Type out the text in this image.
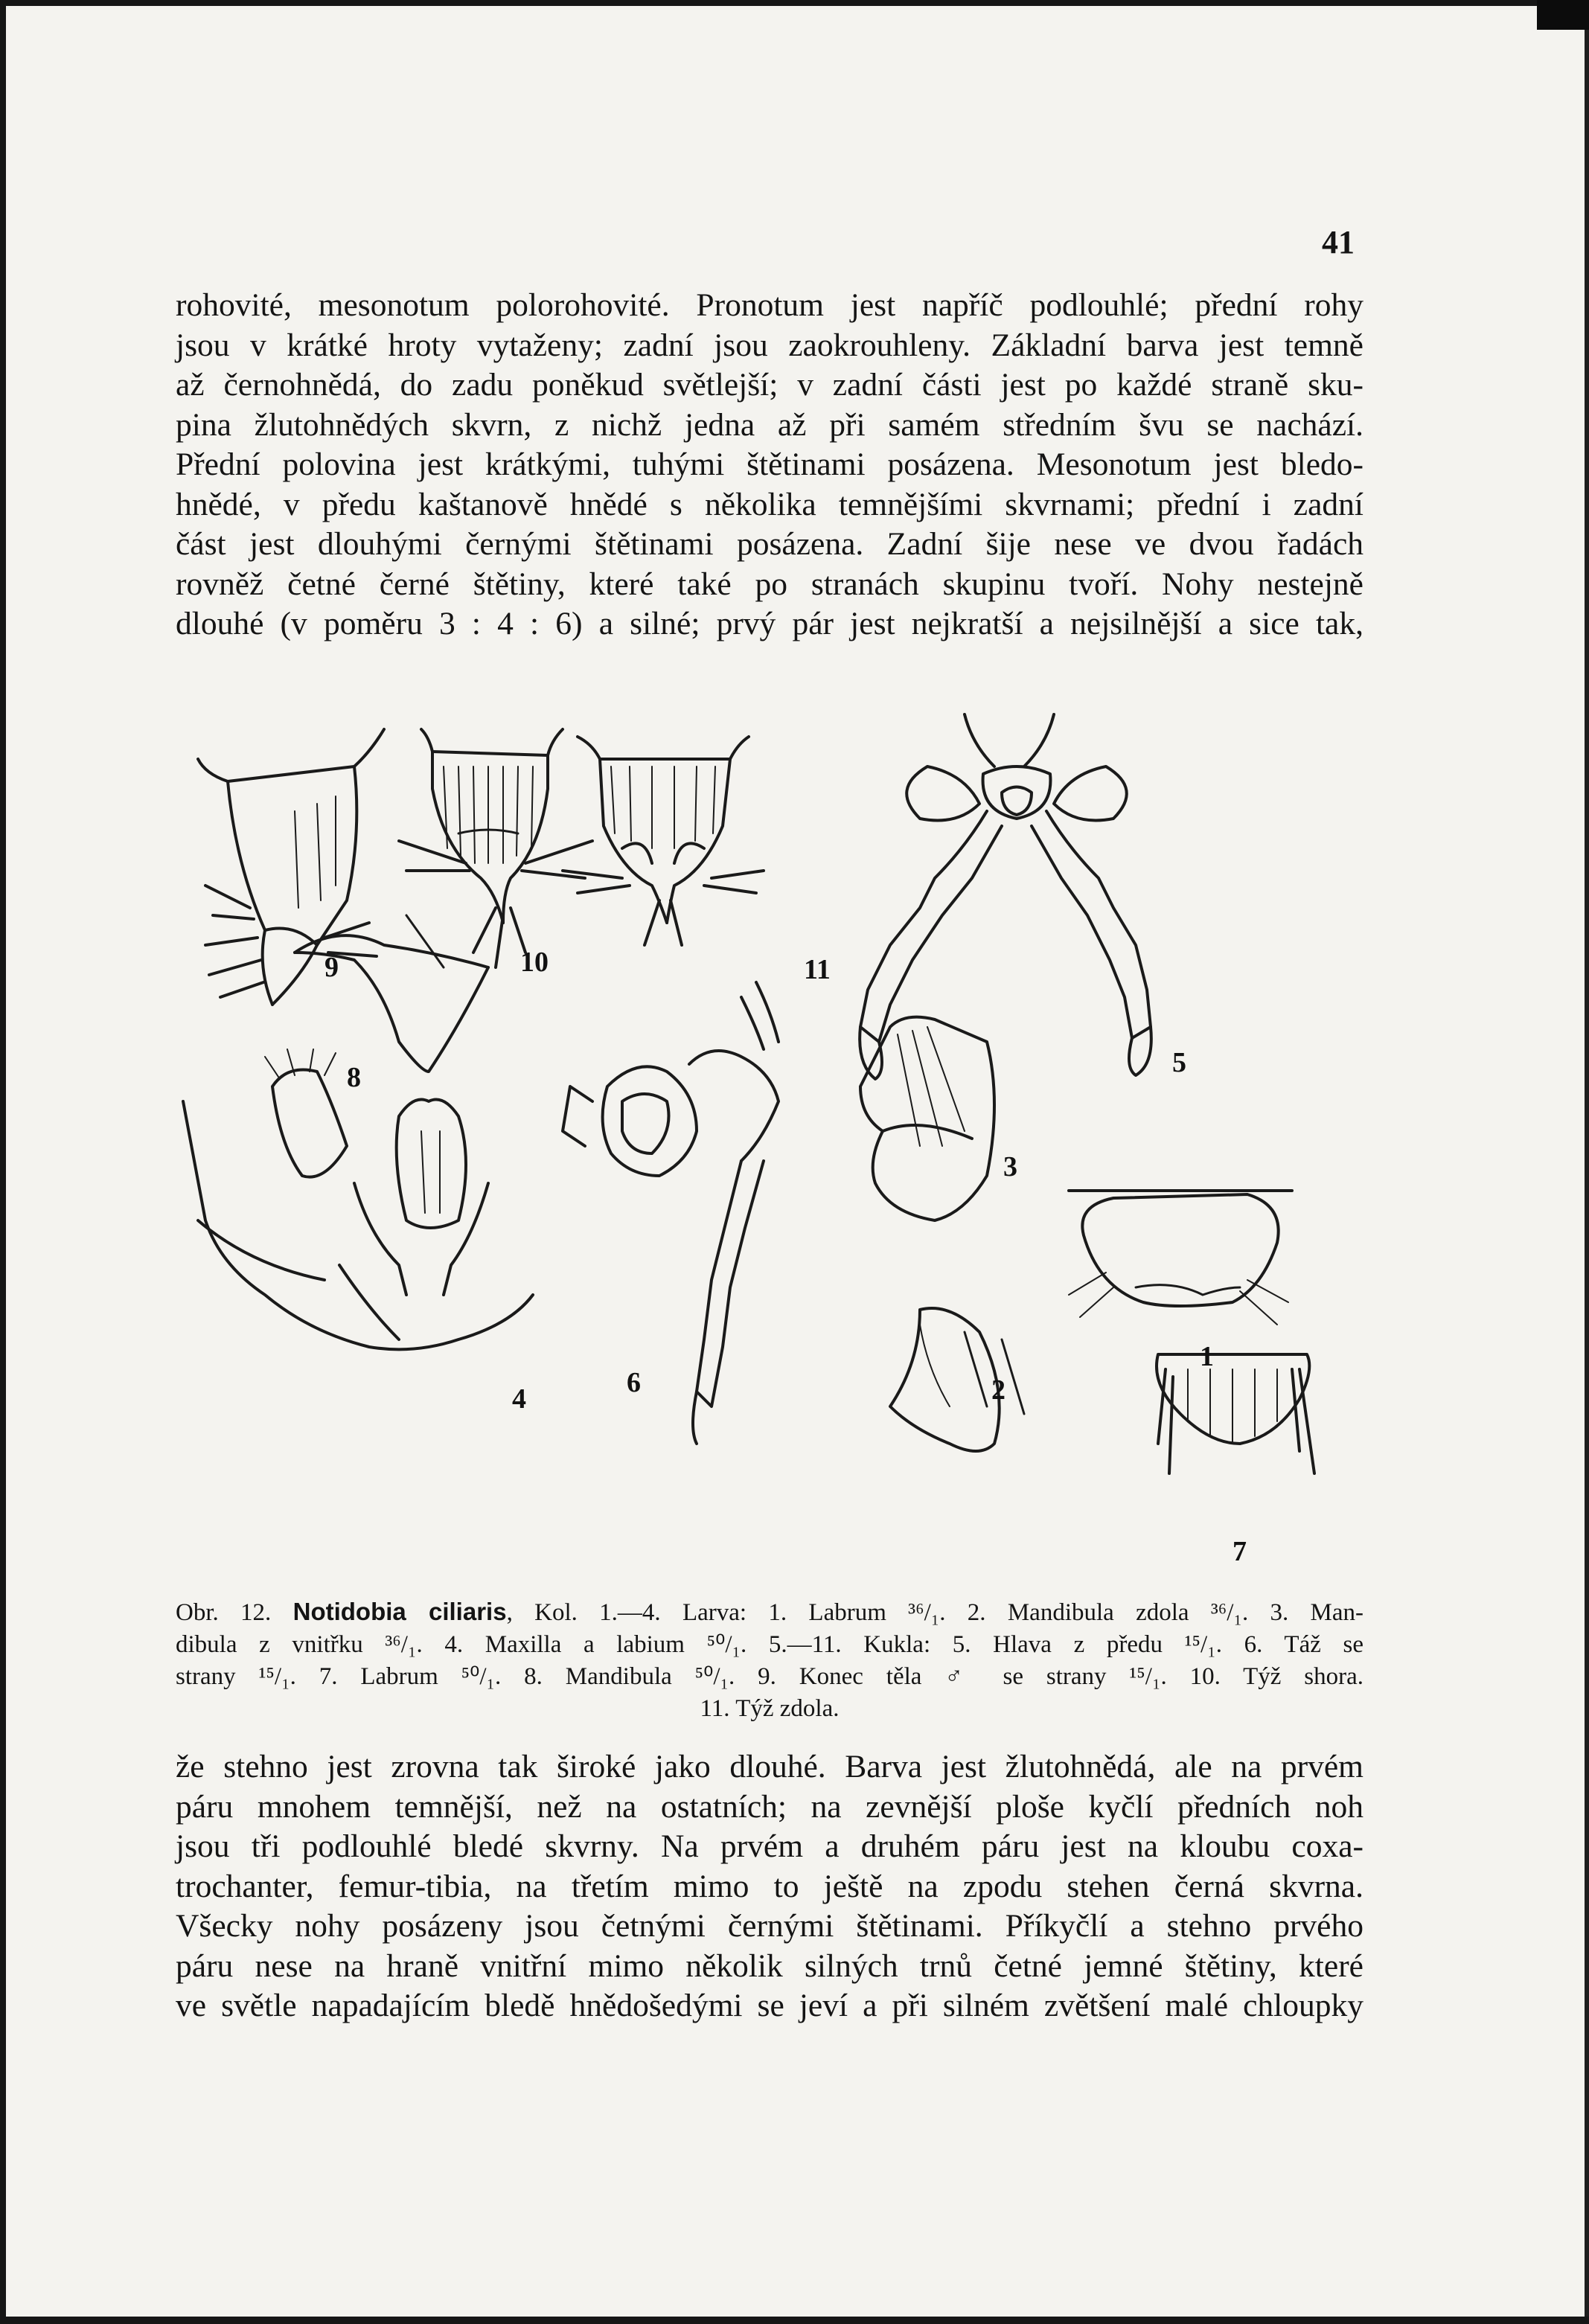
41
rohovité, mesonotum polorohovité. Pronotum jest napříč podlouhlé; přední rohy
jsou v krátké hroty vytaženy; zadní jsou zaokrouhleny. Základní barva jest temně
až černohnědá, do zadu poněkud světlejší; v zadní části jest po každé straně sku-
pina žlutohnědých skvrn, z nichž jedna až při samém středním švu se nachází.
Přední polovina jest krátkými, tuhými štětinami posázena. Mesonotum jest bledo-
hnědé, v předu kaštanově hnědé s několika temnějšími skvrnami; přední i zadní
část jest dlouhými černými štětinami posázena. Zadní šije nese ve dvou řadách
rovněž četné černé štětiny, které také po stranách skupinu tvoří. Nohy nestejně
dlouhé (v poměru 3 : 4 : 6) a silné; prvý pár jest nejkratší a nejsilnější a sice tak,
9	10	11
5
8
3
4
6
1
2
7
Obr. 12. Notidobia ciliaris, Kol. 1.—4. Larva: 1. Labrum ³⁶/₁. 2. Mandibula zdola ³⁶/₁. 3. Man-
dibula z vnitřku ³⁶/₁. 4. Maxilla a labium ⁵⁰/₁. 5.—11. Kukla: 5. Hlava z předu ¹⁵/₁. 6. Táž se
strany ¹⁵/₁. 7. Labrum ⁵⁰/₁. 8. Mandibula ⁵⁰/₁. 9. Konec těla ♂ se strany ¹⁵/₁. 10. Týž shora.
11. Týž zdola.
že stehno jest zrovna tak široké jako dlouhé. Barva jest žlutohnědá, ale na prvém
páru mnohem temnější, než na ostatních; na zevnější ploše kyčlí předních noh
jsou tři podlouhlé bledé skvrny. Na prvém a druhém páru jest na kloubu coxa-
trochanter, femur-tibia, na třetím mimo to ještě na zpodu stehen černá skvrna.
Všecky nohy posázeny jsou četnými černými štětinami. Příkyčlí a stehno prvého
páru nese na hraně vnitřní mimo několik silných trnů četné jemné štětiny, které
ve světle napadajícím bledě hnědošedými se jeví a při silném zvětšení malé chloupky
